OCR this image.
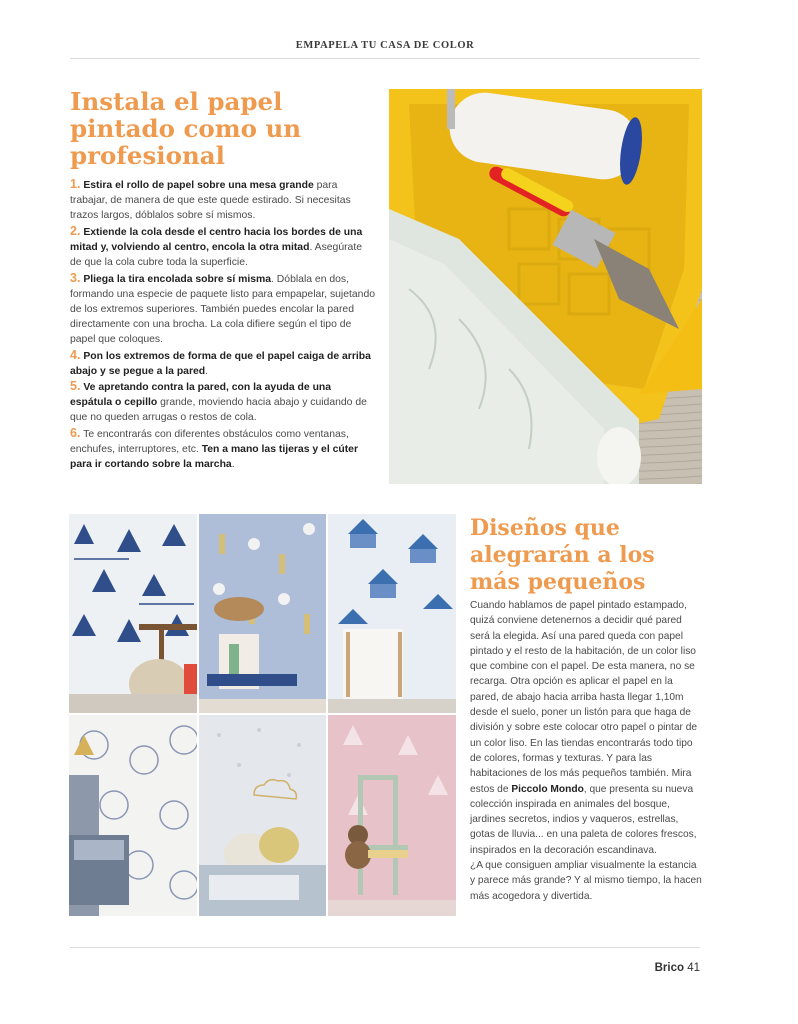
EMPAPELA TU CASA DE COLOR
Instala el papel pintado como un profesional

1. Estira el rollo de papel sobre una mesa grande para trabajar, de manera de que este quede estirado. Si necesitas trazos largos, dóblalos sobre sí mismos.

2. Extiende la cola desde el centro hacia los bordes de una mitad y, volviendo al centro, encola la otra mitad. Asegúrate de que la cola cubre toda la superficie.

3. Pliega la tira encolada sobre sí misma. Dóblala en dos, formando una especie de paquete listo para empapelar, sujetando de los extremos superiores. También puedes encolar la pared directamente con una brocha. La cola difiere según el tipo de papel que coloques.

4. Pon los extremos de forma de que el papel caiga de arriba abajo y se pegue a la pared.

5. Ve apretando contra la pared, con la ayuda de una espátula o cepillo grande, moviendo hacia abajo y cuidando de que no queden arrugas o restos de cola.

6. Te encontrarás con diferentes obstáculos como ventanas, enchufes, interruptores, etc. Ten a mano las tijeras y el cúter para ir cortando sobre la marcha.

Diseños que alegrarán a los más pequeños

Cuando hablamos de papel pintado estampado, quizá conviene detenernos a decidir qué pared será la elegida. Así una pared queda con papel pintado y el resto de la habitación, de un color liso que combine con el papel. De esta manera, no se recarga. Otra opción es aplicar el papel en la pared, de abajo hacia arriba hasta llegar 1,10m desde el suelo, poner un listón para que haga de división y sobre este colocar otro papel o pintar de un color liso. En las tiendas encontrarás todo tipo de colores, formas y texturas. Y para las habitaciones de los más pequeños también. Mira estos de Piccolo Mondo, que presenta su nueva colección inspirada en animales del bosque, jardines secretos, indios y vaqueros, estrellas, gotas de lluvia... en una paleta de colores frescos, inspirados en la decoración escandinava.

¿A que consiguen ampliar visualmente la estancia y parece más grande? Y al mismo tiempo, la hacen más acogedora y divertida.

Brico 41
